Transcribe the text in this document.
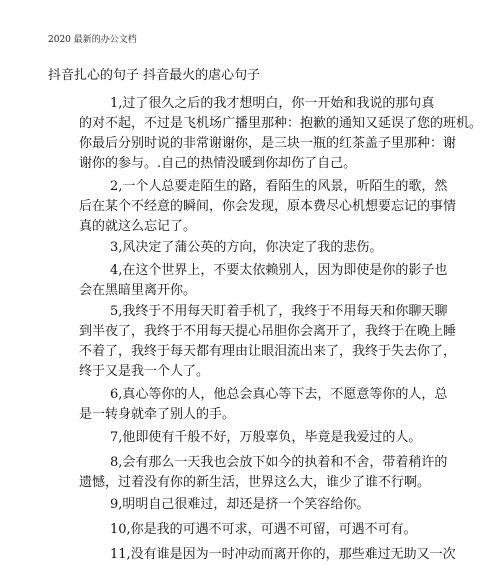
2020 最新的办公文档
抖音扎心的句子 抖音最火的虐心句子
1,过了很久之后的我才想明白，你一开始和我说的那句真
的对不起，不过是飞机场广播里那种：抱歉的通知又延误了您的班机。
你最后分别时说的非常谢谢你，是三块一瓶的红茶盖子里那种：谢
谢你的参与。.自己的热情没暖到你却伤了自己。
2,一个人总要走陌生的路，看陌生的风景，听陌生的歌，然
后在某个不经意的瞬间，你会发现，原本费尽心机想要忘记的事情
真的就这么忘记了。
3,风决定了蒲公英的方向，你决定了我的悲伤。
4,在这个世界上，不要太依赖别人，因为即使是你的影子也
会在黑暗里离开你。
5,我终于不用每天盯着手机了，我终于不用每天和你聊天聊
到半夜了，我终于不用每天提心吊胆你会离开了，我终于在晚上睡
不着了，我终于每天都有理由让眼泪流出来了，我终于失去你了，
终于又是我一个人了。
6,真心等你的人，他总会真心等下去，不愿意等你的人，总
是一转身就牵了别人的手。
7,他即使有千般不好，万般辜负，毕竟是我爱过的人。
8,会有那么一天我也会放下如今的执着和不舍，带着稍许的
遗憾，过着没有你的新生活，世界这么大，谁少了谁不行啊。
9,明明自己很难过，却还是挤一个笑容给你。
10,你是我的可遇不可求，可遇不可留，可遇不可有。
11,没有谁是因为一时冲动而离开你的，那些难过无助又一次
